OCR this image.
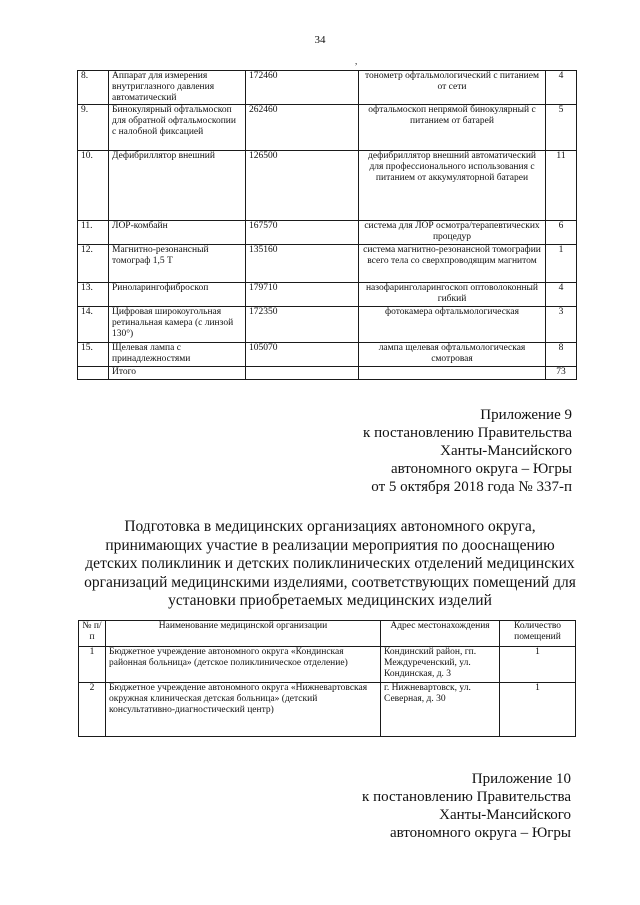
34
,
8.	Аппарат для измерения внутриглазного давления автоматический	172460	тонометр офтальмологический с питанием от сети	4
9.	Бинокулярный офтальмоскоп для обратной офтальмоскопии с налобной фиксацией	262460	офтальмоскоп непрямой бинокулярный с питанием от батарей	5
10.	Дефибриллятор внешний	126500	дефибриллятор внешний автоматический для профессионального использования с питанием от аккумуляторной батареи	11
11.	ЛОР-комбайн	167570	система для ЛОР осмотра/терапевтических процедур	6
12.	Магнитно-резонансный томограф 1,5 Т	135160	система магнитно-резонансной томографии всего тела со сверхпроводящим магнитом	1
13.	Риноларингофиброскоп	179710	назофаринголарингоскоп оптоволоконный гибкий	4
14.	Цифровая широкоугольная ретинальная камера (с линзой 130°)	172350	фотокамера офтальмологическая	3
15.	Щелевая лампа с принадлежностями	105070	лампа щелевая офтальмологическая смотровая	8
	Итого			73
Приложение 9
к постановлению Правительства
Ханты-Мансийского
автономного округа – Югры
от 5 октября 2018 года № 337-п
Подготовка в медицинских организациях автономного округа,
принимающих участие в реализации мероприятия по дооснащению
детских поликлиник и детских поликлинических отделений медицинских
организаций медицинскими изделиями, соответствующих помещений для
установки приобретаемых медицинских изделий
№ п/п	Наименование медицинской организации	Адрес местонахождения	Количество помещений
1	Бюджетное учреждение автономного округа «Кондинская районная больница» (детское поликлиническое отделение)	Кондинский район, гп. Междуреченский, ул. Кондинская, д. 3	1
2	Бюджетное учреждение автономного округа «Нижневартовская окружная клиническая детская больница» (детский консультативно-диагностический центр)	г. Нижневартовск, ул. Северная, д. 30	1
Приложение 10
к постановлению Правительства
Ханты-Мансийского
автономного округа – Югры
